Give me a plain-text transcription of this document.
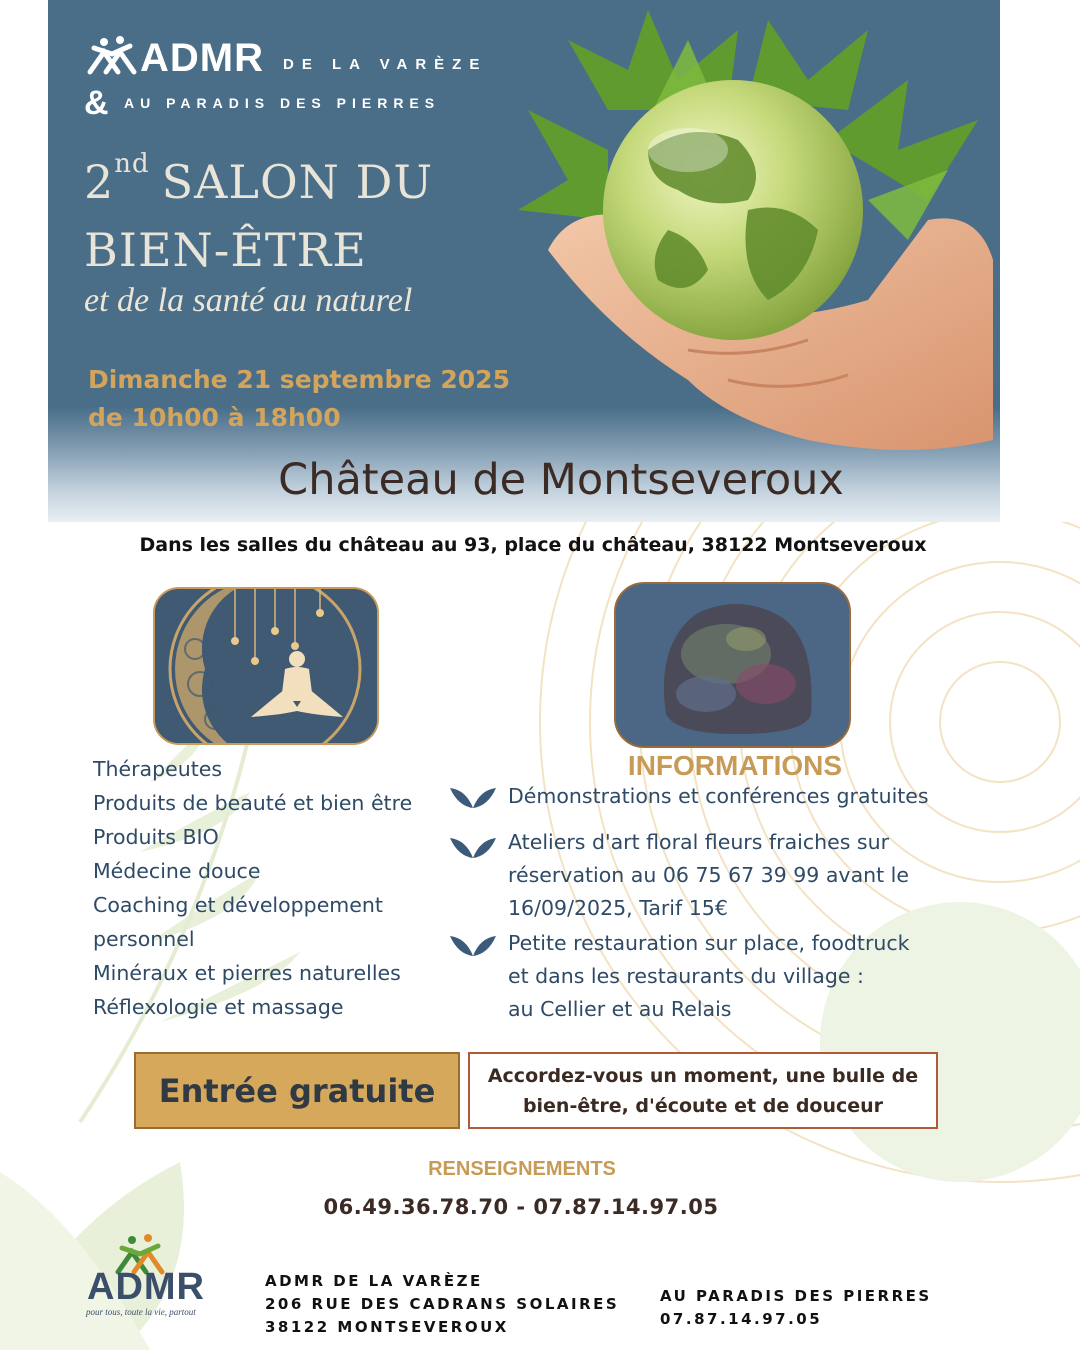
ADMR DE LA VARÈZE
& AU PARADIS DES PIERRES
2nd SALON DU
BIEN-ÊTRE
et de la santé au naturel
Dimanche 21 septembre 2025
de 10h00 à 18h00
Château de Montseveroux
Dans les salles du château au 93, place du château, 38122 Montseveroux
Thérapeutes
Produits de beauté et bien être
Produits BIO
Médecine douce
Coaching et développement
personnel
Minéraux et pierres naturelles
Réflexologie et massage
INFORMATIONS
Démonstrations et conférences gratuites
Ateliers d'art floral fleurs fraiches sur
réservation au 06 75 67 39 99 avant le
16/09/2025, Tarif 15€
Petite restauration sur place, foodtruck
et dans les restaurants du village :
au Cellier et au Relais
Entrée gratuite	Accordez-vous un moment, une bulle de
bien-être, d'écoute et de douceur
RENSEIGNEMENTS
06.49.36.78.70 - 07.87.14.97.05
ADMR
pour tous, toute la vie, partout
ADMR DE LA VARÈZE
206 RUE DES CADRANS SOLAIRES
38122 MONTSEVEROUX
AU PARADIS DES PIERRES
07.87.14.97.05
